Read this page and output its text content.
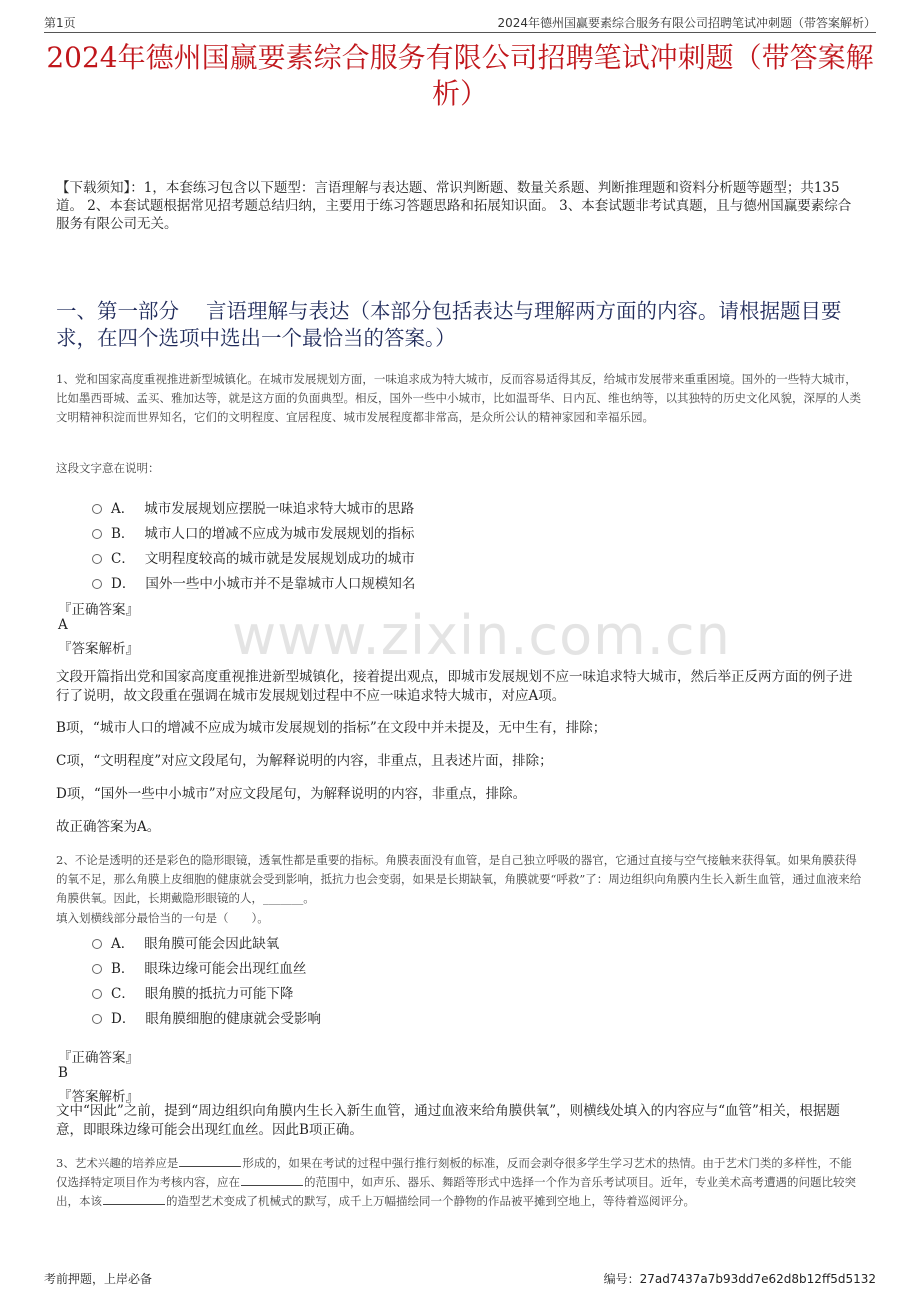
第1页	2024年德州国赢要素综合服务有限公司招聘笔试冲刺题（带答案解析）
2024年德州国赢要素综合服务有限公司招聘笔试冲刺题（带答案解析）
【下载须知】：1，本套练习包含以下题型：言语理解与表达题、常识判断题、数量关系题、判断推理题和资料分析题等题型；共135道。 2、本套试题根据常见招考题总结归纳，主要用于练习答题思路和拓展知识面。 3、本套试题非考试真题，且与德州国赢要素综合服务有限公司无关。
一、第一部分　 言语理解与表达（本部分包括表达与理解两方面的内容。请根据题目要求，在四个选项中选出一个最恰当的答案。）
www.zixin.com.cn
1、党和国家高度重视推进新型城镇化。在城市发展规划方面，一味追求成为特大城市，反而容易适得其反，给城市发展带来重重困境。国外的一些特大城市，比如墨西哥城、孟买、雅加达等，就是这方面的负面典型。相反，国外一些中小城市，比如温哥华、日内瓦、维也纳等，以其独特的历史文化风貌，深厚的人类文明精神积淀而世界知名，它们的文明程度、宜居程度、城市发展程度都非常高，是众所公认的精神家园和幸福乐园。
这段文字意在说明：
A． 城市发展规划应摆脱一味追求特大城市的思路
B． 城市人口的增减不应成为城市发展规划的指标
C． 文明程度较高的城市就是发展规划成功的城市
D． 国外一些中小城市并不是靠城市人口规模知名
『正确答案』
A
『答案解析』
文段开篇指出党和国家高度重视推进新型城镇化，接着提出观点，即城市发展规划不应一味追求特大城市，然后举正反两方面的例子进行了说明，故文段重在强调在城市发展规划过程中不应一味追求特大城市，对应A项。
B项，“城市人口的增减不应成为城市发展规划的指标”在文段中并未提及，无中生有，排除；
C项，“文明程度”对应文段尾句，为解释说明的内容，非重点，且表述片面，排除；
D项，“国外一些中小城市”对应文段尾句，为解释说明的内容，非重点，排除。
故正确答案为A。
2、不论是透明的还是彩色的隐形眼镜，透氧性都是重要的指标。角膜表面没有血管，是自己独立呼吸的器官，它通过直接与空气接触来获得氧。如果角膜获得的氧不足，那么角膜上皮细胞的健康就会受到影响，抵抗力也会变弱，如果是长期缺氧，角膜就要“呼救”了：周边组织向角膜内生长入新生血管，通过血液来给角膜供氧。因此，长期戴隐形眼镜的人，_______。
填入划横线部分最恰当的一句是（　　）。
A． 眼角膜可能会因此缺氧
B． 眼珠边缘可能会出现红血丝
C． 眼角膜的抵抗力可能下降
D． 眼角膜细胞的健康就会受影响
『正确答案』
B
『答案解析』
文中“因此”之前，提到“周边组织向角膜内生长入新生血管，通过血液来给角膜供氧”，则横线处填入的内容应与“血管”相关，根据题意，即眼珠边缘可能会出现红血丝。因此B项正确。
3、艺术兴趣的培养应是	形成的，如果在考试的过程中强行推行刻板的标准，反而会剥夺很多学生学习艺术的热情。由于艺术门类的多样性，不能仅选择特定项目作为考核内容，应在	的范围中，如声乐、器乐、舞蹈等形式中选择一个作为音乐考试项目。近年，专业美术高考遭遇的问题比较突出，本该	的造型艺术变成了机械式的默写，成千上万幅描绘同一个静物的作品被平摊到空地上，等待着巡阅评分。
考前押题，上岸必备	编号：27ad7437a7b93dd7e62d8b12ff5d5132
